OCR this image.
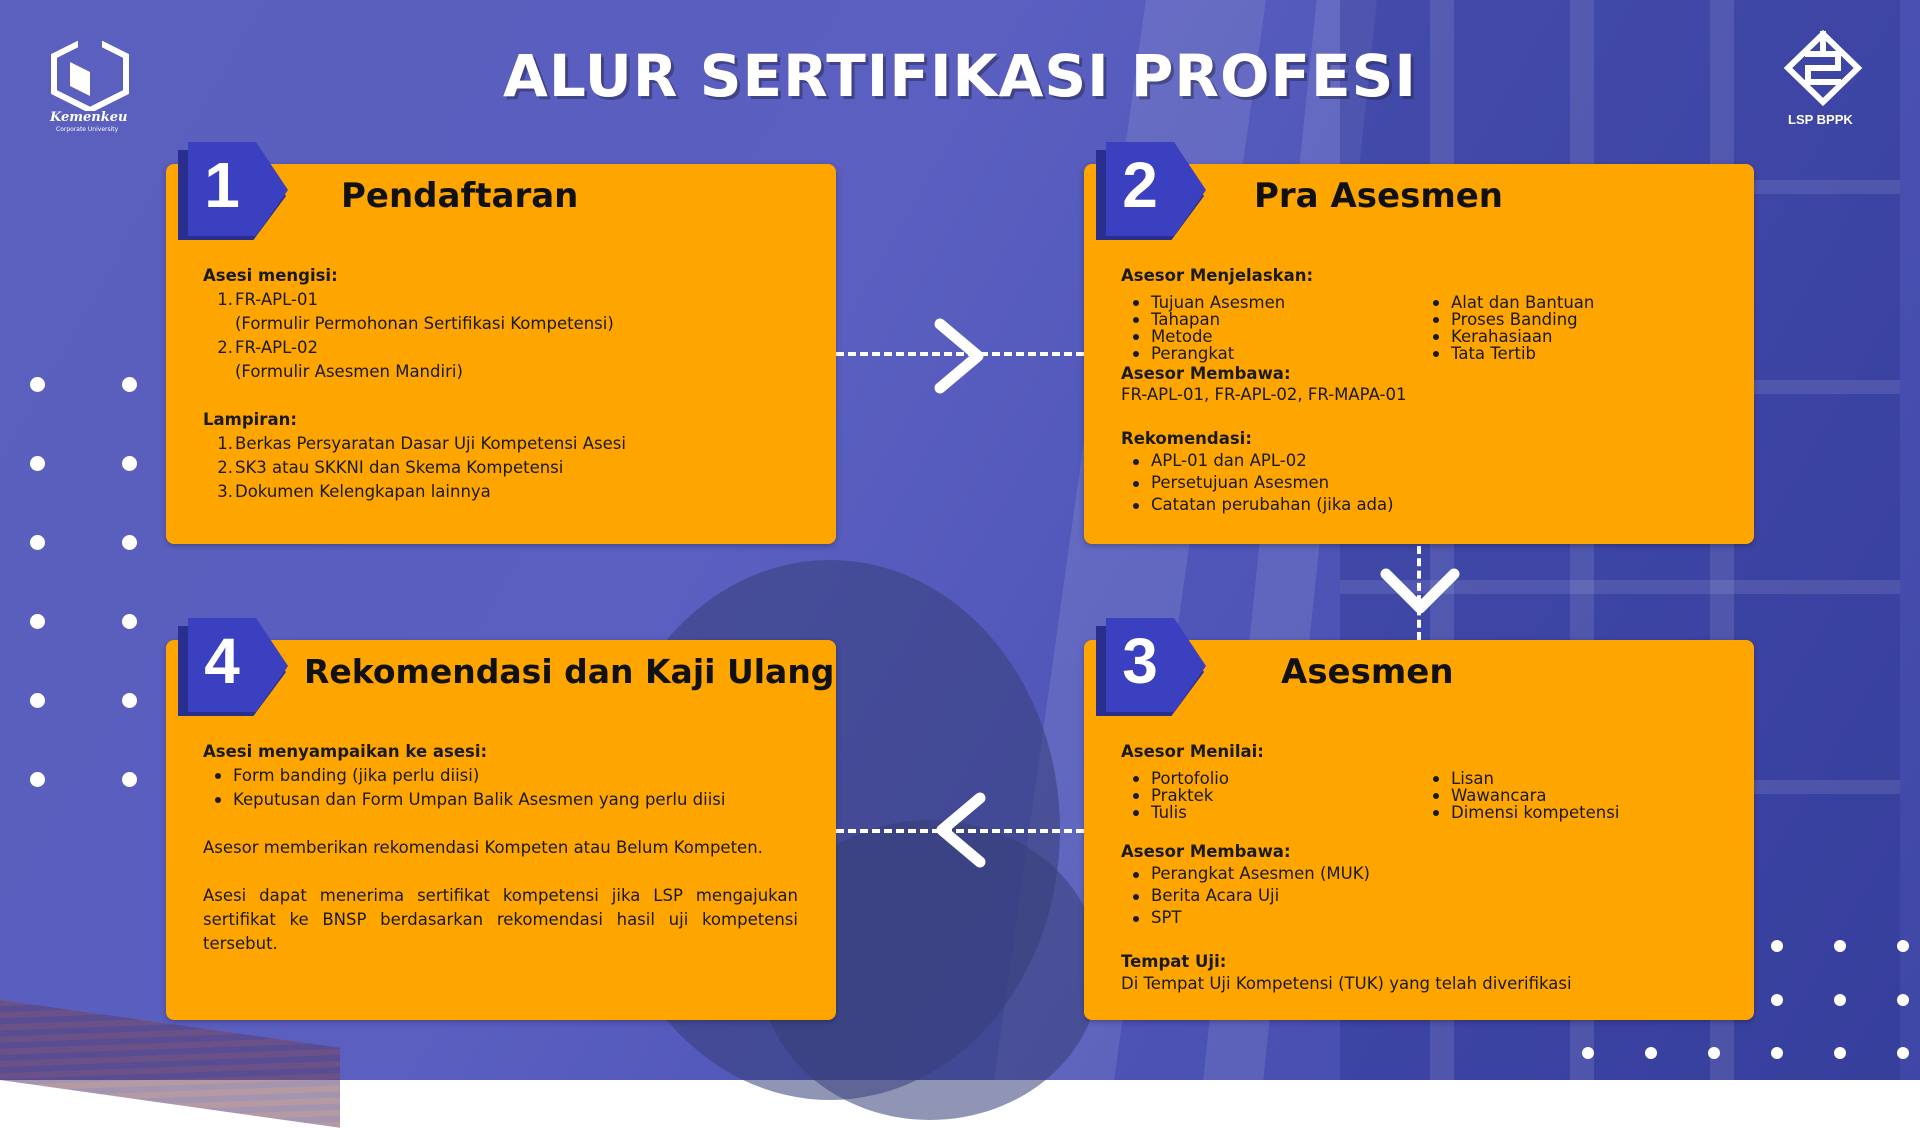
Kemenkeu
Corporate University
LSP BPPK
ALUR SERTIFIKASI PROFESI
Pendaftaran
Asesi mengisi:
1. FR-APL-01
(Formulir Permohonan Sertifikasi Kompetensi)
2. FR-APL-02
(Formulir Asesmen Mandiri)
Lampiran:
1. Berkas Persyaratan Dasar Uji Kompetensi Asesi
2. SK3 atau SKKNI dan Skema Kompetensi
3. Dokumen Kelengkapan lainnya
1	Pra Asesmen
Asesor Menjelaskan:
Tujuan Asesmen
Tahapan
Metode
Perangkat
Alat dan Bantuan
Proses Banding
Kerahasiaan
Tata Tertib
Asesor Membawa:
FR-APL-01, FR-APL-02, FR-MAPA-01
Rekomendasi:
APL-01 dan APL-02
Persetujuan Asesmen
Catatan perubahan (jika ada)
2
Asesmen
Asesor Menilai:
Portofolio
Praktek
Tulis
Lisan
Wawancara
Dimensi kompetensi
Asesor Membawa:
Perangkat Asesmen (MUK)
Berita Acara Uji
SPT
Tempat Uji:
Di Tempat Uji Kompetensi (TUK) yang telah diverifikasi
3
Rekomendasi dan Kaji Ulang
Asesi menyampaikan ke asesi:
Form banding (jika perlu diisi)
Keputusan dan Form Umpan Balik Asesmen yang perlu diisi
Asesor memberikan rekomendasi Kompeten atau Belum Kompeten.
Asesi dapat menerima sertifikat kompetensi jika LSP mengajukan sertifikat ke BNSP berdasarkan rekomendasi hasil uji kompetensi tersebut.
4
